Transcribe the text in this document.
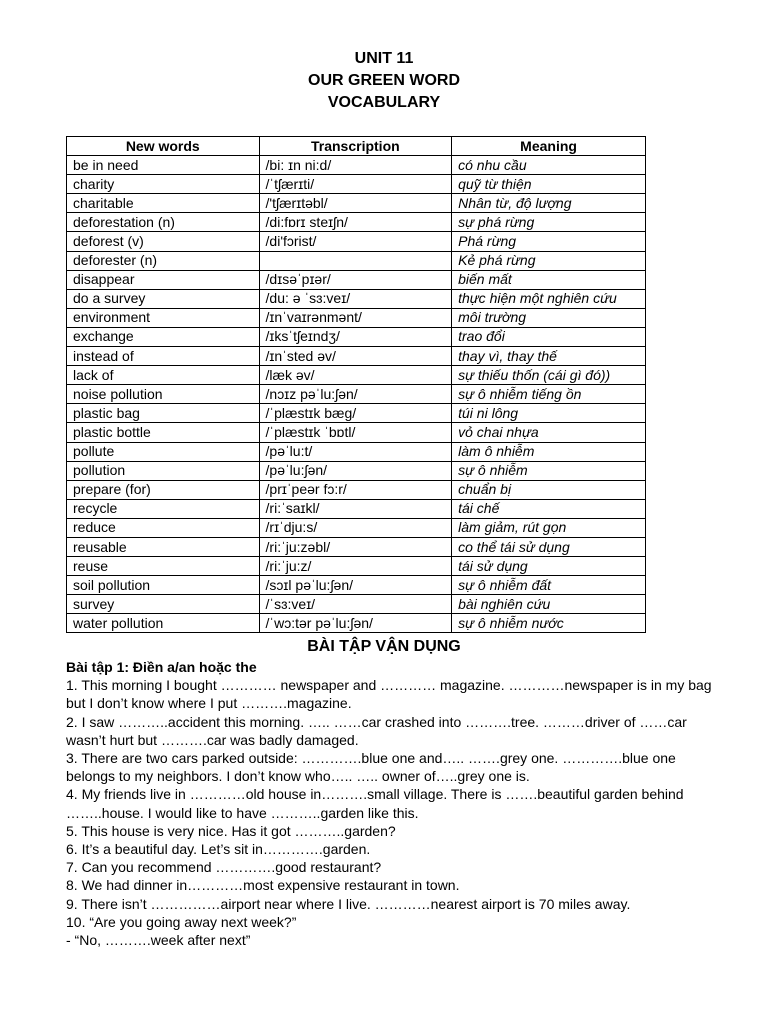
UNIT 11
OUR GREEN WORD
VOCABULARY
New words	Transcription	Meaning
be in need	/bi: ɪn ni:d/	có nhu cầu
charity	/ˈtʃærɪti/	quỹ từ thiện
charitable	/'tʃærɪtəbl/	Nhân từ, độ lượng
deforestation (n)	/di:fɒrɪ steɪʃn/	sự phá rừng
deforest (v)	/di'fɔrist/	Phá rừng
deforester (n)		Kẻ phá rừng
disappear	/dɪsəˈpɪər/	biến mất
do a survey	/du: ə ˈsɜ:veɪ/	thực hiện một nghiên cứu
environment	/ɪnˈvaɪrənmənt/	môi trường
exchange	/ɪksˈtʃeɪndʒ/	trao đổi
instead of	/ɪnˈsted əv/	thay vì, thay thế
lack of	/læk əv/	sự thiếu thốn (cái gì đó))
noise pollution	/nɔɪz pəˈlu:ʃən/	sự ô nhiễm tiếng ồn
plastic bag	/ˈplæstɪk bæg/	túi ni lông
plastic bottle	/ˈplæstɪk ˈbɒtl/	vỏ chai nhựa
pollute	/pəˈlu:t/	làm ô nhiễm
pollution	/pəˈlu:ʃən/	sự ô nhiễm
prepare (for)	/prɪˈpeər fɔ:r/	chuẩn bị
recycle	/ri:ˈsaɪkl/	tái chế
reduce	/rɪˈdju:s/	làm giảm, rút gọn
reusable	/ri:ˈju:zəbl/	co thể tái sử dụng
reuse	/ri:ˈju:z/	tái sử dụng
soil pollution	/sɔɪl pəˈlu:ʃən/	sự ô nhiễm đất
survey	/ˈsɜ:veɪ/	bài nghiên cứu
water pollution	/ˈwɔ:tər pəˈlu:ʃən/	sự ô nhiễm nước
BÀI TẬP VẬN DỤNG

Bài tập 1: Điền a/an hoặc the

1. This morning I bought ………… newspaper and ………… magazine. …………newspaper is in my bag

but I don’t know where I put ……….magazine.

2. I saw ………..accident this morning. ….. ……car crashed into ……….tree. ………driver of ……car

wasn’t hurt but ……….car was badly damaged.

3. There are two cars parked outside: ………….blue one and….. …….grey one. ………….blue one

belongs to my neighbors. I don’t know who….. ….. owner of…..grey one is.

4. My friends live in …………old house in……….small village. There is …….beautiful garden behind

……..house. I would like to have ………..garden like this.

5. This house is very nice. Has it got ………..garden?

6. It’s a beautiful day. Let’s sit in………….garden.

7. Can you recommend ………….good restaurant?

8. We had dinner in…………most expensive restaurant in town.

9. There isn’t ……………airport near where I live. …………nearest airport is 70 miles away.

10. “Are you going away next week?”

- “No, ……….week after next”
